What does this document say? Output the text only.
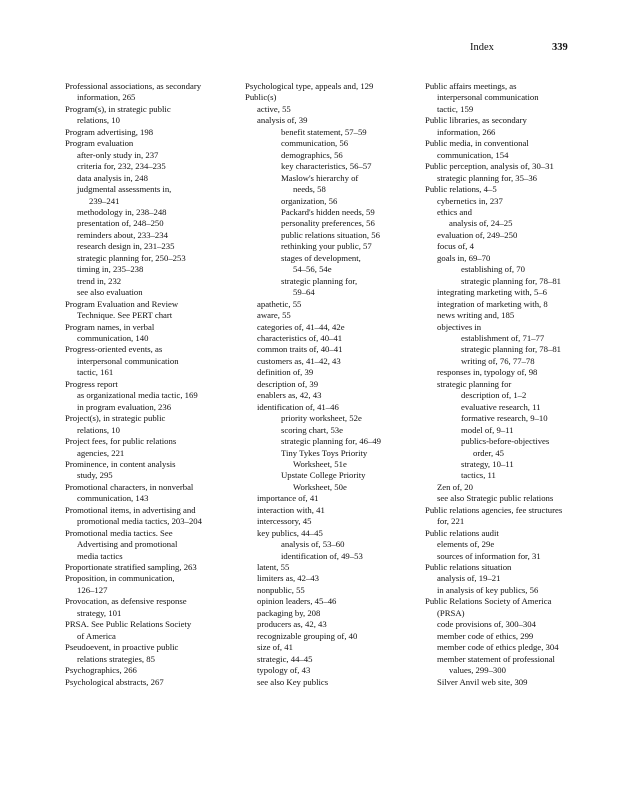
Index	339
Professional associations, as secondary
information, 265
Program(s), in strategic public
relations, 10
Program advertising, 198
Program evaluation
after-only study in, 237
criteria for, 232, 234–235
data analysis in, 248
judgmental assessments in,
239–241
methodology in, 238–248
presentation of, 248–250
reminders about, 233–234
research design in, 231–235
strategic planning for, 250–253
timing in, 235–238
trend in, 232
see also evaluation
Program Evaluation and Review
Technique. See PERT chart
Program names, in verbal
communication, 140
Progress-oriented events, as
interpersonal communication
tactic, 161
Progress report
as organizational media tactic, 169
in program evaluation, 236
Project(s), in strategic public
relations, 10
Project fees, for public relations
agencies, 221
Prominence, in content analysis
study, 295
Promotional characters, in nonverbal
communication, 143
Promotional items, in advertising and
promotional media tactics, 203–204
Promotional media tactics. See
Advertising and promotional
media tactics
Proportionate stratified sampling, 263
Proposition, in communication,
126–127
Provocation, as defensive response
strategy, 101
PRSA. See Public Relations Society
of America
Pseudoevent, in proactive public
relations strategies, 85
Psychographics, 266
Psychological abstracts, 267
Psychological type, appeals and, 129
Public(s)
active, 55
analysis of, 39
benefit statement, 57–59
communication, 56
demographics, 56
key characteristics, 56–57
Maslow's hierarchy of
needs, 58
organization, 56
Packard's hidden needs, 59
personality preferences, 56
public relations situation, 56
rethinking your public, 57
stages of development,
54–56, 54e
strategic planning for,
59–64
apathetic, 55
aware, 55
categories of, 41–44, 42e
characteristics of, 40–41
common traits of, 40–41
customers as, 41–42, 43
definition of, 39
description of, 39
enablers as, 42, 43
identification of, 41–46
priority worksheet, 52e
scoring chart, 53e
strategic planning for, 46–49
Tiny Tykes Toys Priority
Worksheet, 51e
Upstate College Priority
Worksheet, 50e
importance of, 41
interaction with, 41
intercessory, 45
key publics, 44–45
analysis of, 53–60
identification of, 49–53
latent, 55
limiters as, 42–43
nonpublic, 55
opinion leaders, 45–46
packaging by, 208
producers as, 42, 43
recognizable grouping of, 40
size of, 41
strategic, 44–45
typology of, 43
see also Key publics
Public affairs meetings, as
interpersonal communication
tactic, 159
Public libraries, as secondary
information, 266
Public media, in conventional
communication, 154
Public perception, analysis of, 30–31
strategic planning for, 35–36
Public relations, 4–5
cybernetics in, 237
ethics and
analysis of, 24–25
evaluation of, 249–250
focus of, 4
goals in, 69–70
establishing of, 70
strategic planning for, 78–81
integrating marketing with, 5–6
integration of marketing with, 8
news writing and, 185
objectives in
establishment of, 71–77
strategic planning for, 78–81
writing of, 76, 77–78
responses in, typology of, 98
strategic planning for
description of, 1–2
evaluative research, 11
formative research, 9–10
model of, 9–11
publics-before-objectives
order, 45
strategy, 10–11
tactics, 11
Zen of, 20
see also Strategic public relations
Public relations agencies, fee structures
for, 221
Public relations audit
elements of, 29e
sources of information for, 31
Public relations situation
analysis of, 19–21
in analysis of key publics, 56
Public Relations Society of America
(PRSA)
code provisions of, 300–304
member code of ethics, 299
member code of ethics pledge, 304
member statement of professional
values, 299–300
Silver Anvil web site, 309
